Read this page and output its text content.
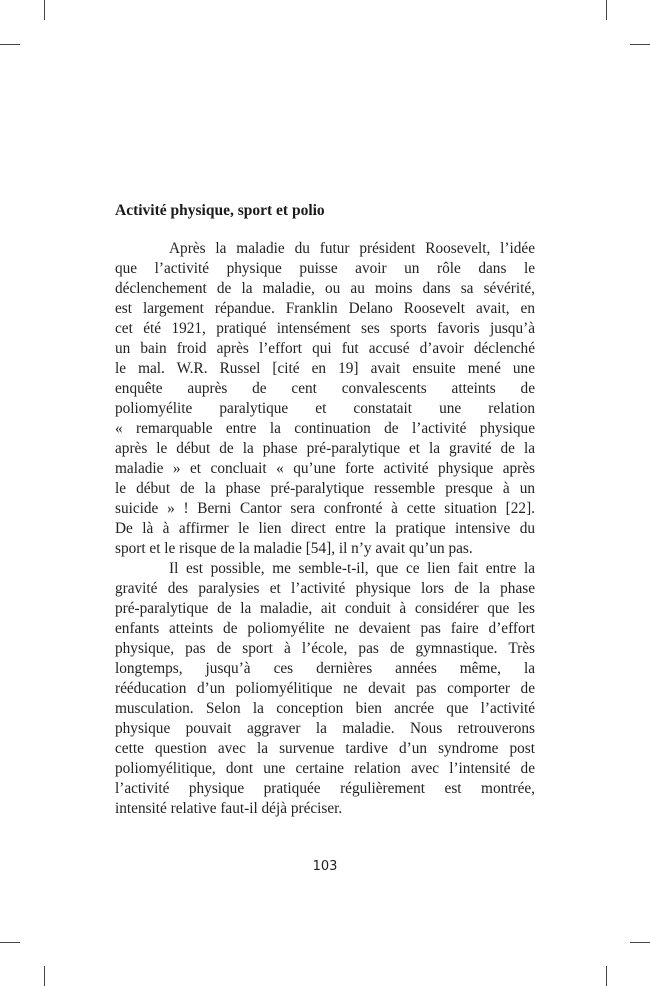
Activité physique, sport et polio
Après la maladie du futur président Roosevelt, l’idée
que l’activité physique puisse avoir un rôle dans le
déclenchement de la maladie, ou au moins dans sa sévérité,
est largement répandue. Franklin Delano Roosevelt avait, en
cet été 1921, pratiqué intensément ses sports favoris jusqu’à
un bain froid après l’effort qui fut accusé d’avoir déclenché
le mal. W.R. Russel [cité en 19] avait ensuite mené une
enquête auprès de cent convalescents atteints de
poliomyélite paralytique et constatait une relation
« remarquable entre la continuation de l’activité physique
après le début de la phase pré-paralytique et la gravité de la
maladie » et concluait « qu’une forte activité physique après
le début de la phase pré-paralytique ressemble presque à un
suicide » ! Berni Cantor sera confronté à cette situation [22].
De là à affirmer le lien direct entre la pratique intensive du
sport et le risque de la maladie [54], il n’y avait qu’un pas.
Il est possible, me semble-t-il, que ce lien fait entre la
gravité des paralysies et l’activité physique lors de la phase
pré-paralytique de la maladie, ait conduit à considérer que les
enfants atteints de poliomyélite ne devaient pas faire d’effort
physique, pas de sport à l’école, pas de gymnastique. Très
longtemps, jusqu’à ces dernières années même, la
rééducation d’un poliomyélitique ne devait pas comporter de
musculation. Selon la conception bien ancrée que l’activité
physique pouvait aggraver la maladie. Nous retrouverons
cette question avec la survenue tardive d’un syndrome post
poliomyélitique, dont une certaine relation avec l’intensité de
l’activité physique pratiquée régulièrement est montrée,
intensité relative faut-il déjà préciser.
103
